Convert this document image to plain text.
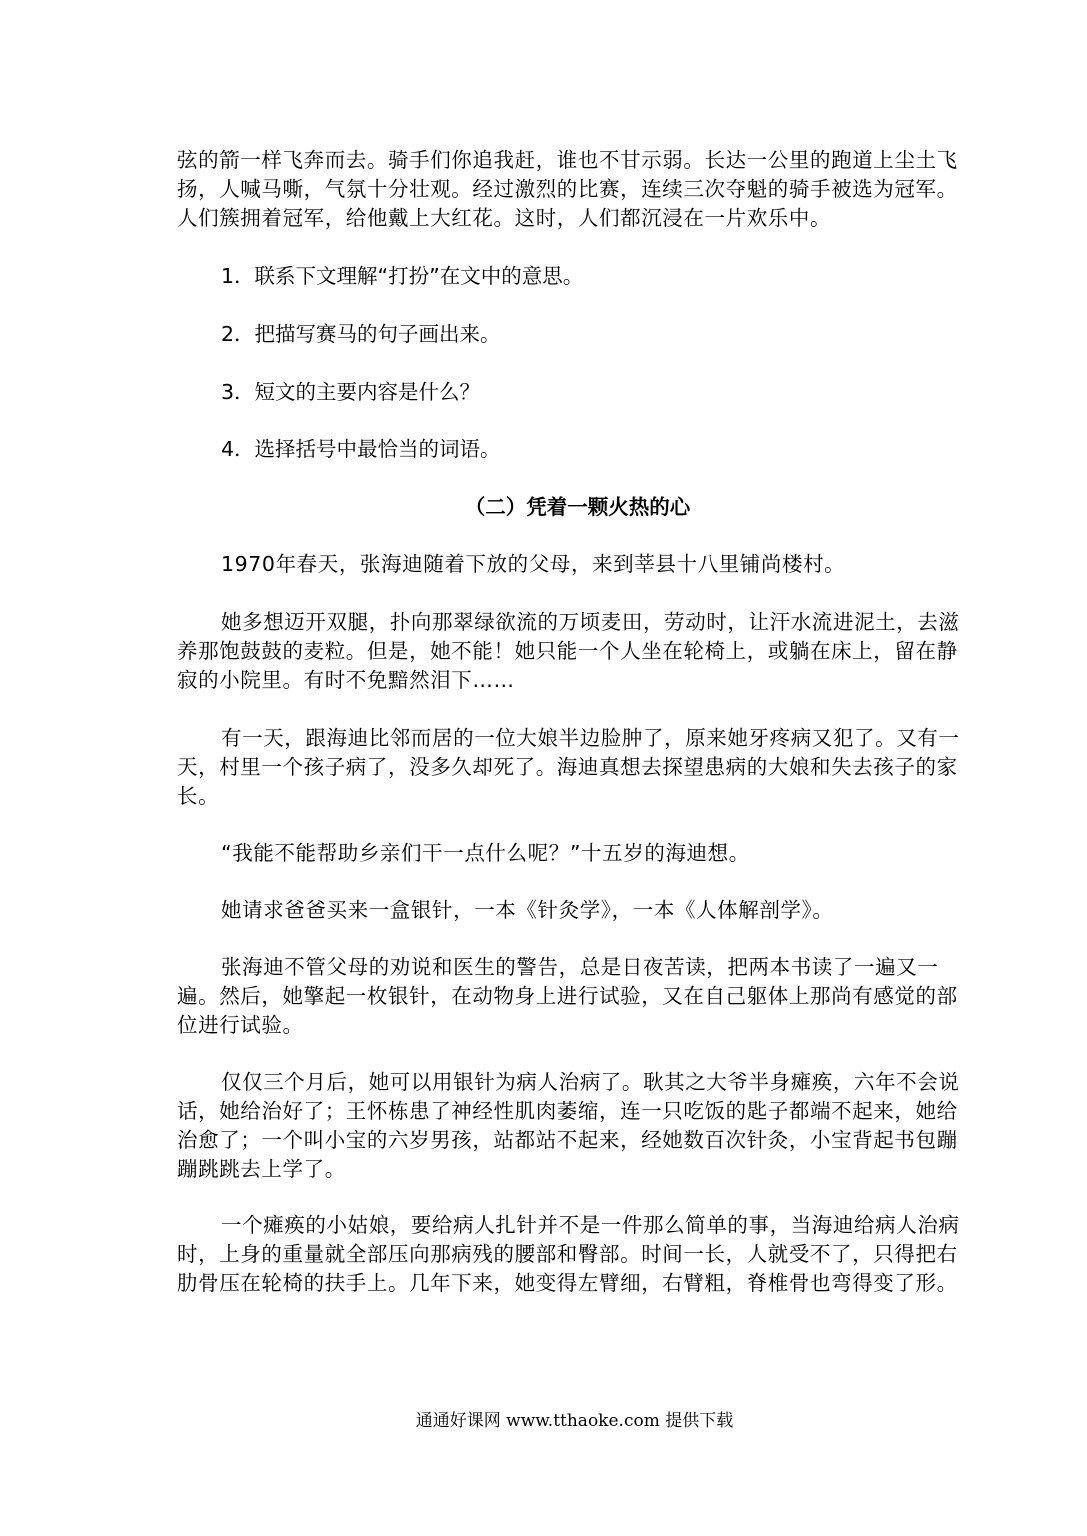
弦的箭一样飞奔而去。骑手们你追我赶，谁也不甘示弱。长达一公里的跑道上尘土飞扬，人喊马嘶，气氛十分壮观。经过激烈的比赛，连续三次夺魁的骑手被选为冠军。人们簇拥着冠军，给他戴上大红花。这时，人们都沉浸在一片欢乐中。

1．联系下文理解“打扮”在文中的意思。

2．把描写赛马的句子画出来。

3．短文的主要内容是什么？

4．选择括号中最恰当的词语。

（二）凭着一颗火热的心

1970年春天，张海迪随着下放的父母，来到莘县十八里铺尚楼村。

她多想迈开双腿，扑向那翠绿欲流的万顷麦田，劳动时，让汗水流进泥土，去滋养那饱鼓鼓的麦粒。但是，她不能！她只能一个人坐在轮椅上，或躺在床上，留在静寂的小院里。有时不免黯然泪下……

有一天，跟海迪比邻而居的一位大娘半边脸肿了，原来她牙疼病又犯了。又有一天，村里一个孩子病了，没多久却死了。海迪真想去探望患病的大娘和失去孩子的家长。

“我能不能帮助乡亲们干一点什么呢？”十五岁的海迪想。

她请求爸爸买来一盒银针，一本《针灸学》，一本《人体解剖学》。

张海迪不管父母的劝说和医生的警告，总是日夜苦读，把两本书读了一遍又一遍。然后，她擎起一枚银针，在动物身上进行试验，又在自己躯体上那尚有感觉的部位进行试验。

仅仅三个月后，她可以用银针为病人治病了。耿其之大爷半身瘫痪，六年不会说话，她给治好了；王怀栋患了神经性肌肉萎缩，连一只吃饭的匙子都端不起来，她给治愈了；一个叫小宝的六岁男孩，站都站不起来，经她数百次针灸，小宝背起书包蹦蹦跳跳去上学了。

一个瘫痪的小姑娘，要给病人扎针并不是一件那么简单的事，当海迪给病人治病时，上身的重量就全部压向那病残的腰部和臀部。时间一长，人就受不了，只得把右肋骨压在轮椅的扶手上。几年下来，她变得左臂细，右臂粗，脊椎骨也弯得变了形。

通通好课网 www.tthaoke.com 提供下载
